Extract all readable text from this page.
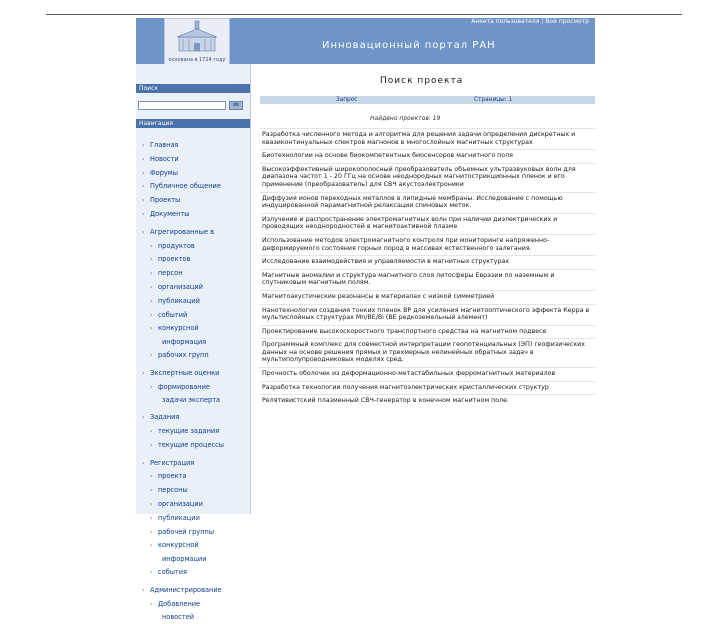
основана в 1724 году
Анкета пользователя | Вой просмотр
Инновационный портал РАН
Поиск
ok
Навигация
› Главная
› Новости
› Форумы
› Публичное общение
› Проекты
› Документы
› Агрегированные в
› продуктов
› проектов
› персон
› организаций
› публикаций
› событий
› конкурсной
информация
› рабочих групп
› Экспертные оценки
› формирование
задачи эксперта
› Задания
› текущие задания
› текущие процессы
› Регистрация
› проекта
› персоны
› организации
› публикации
› рабочей группы
› конкурсной
информации
› события
› Администрирование
› Добавление
новостей
Поиск проекта
Запрос	Страницы: 1
Найдено проектов: 19
Разработка численного метода и алгоритма для решения задачи определения дискретных и квазиконтинуальных спектров магнонов в многослойных магнитных структурах
Биотехнологии на основе биокомпетентных биосенсоров магнитного поля
Высокоэффективный широкополосный преобразователь объемных ультразвуковых волн для диапазона частот 1 - 20 ГГц на основе неоднородных магнитострикционных пленок и его применение (преобразователь) для СВЧ акустоэлектроники
Диффузия ионов переходных металлов в липидные мембраны. Исследование с помощью индуцированной парамагнитной релаксации спиновых меток.
Излучение и распространение электромагнитных волн при наличии диэлектрических и проводящих неоднородностей в магнитоактивной плазме
Использование методов электромагнитного контроля при мониторинге напряженно-деформируемого состояния горных пород в массивах естественного залегания.
Исследование взаимодействия и управляемости в магнитных структурах
Магнитные аномалии и структура магнитного слоя литосферы Евразии по наземным и спутниковым магнитным полям.
Магнитоакустические резонансы в материалах с низкой симметрией
Нанотехнологии создания тонких пленок ВР для усиления магнитооптического эффекта Керра в мультислойных структурах Mn/BE/Bi (BE редкоземельный элемент)
Проектирование высокоскоростного транспортного средства на магнитном подвесе
Программный комплекс для совместной интерпретации геопотенциальных (ЭП) геофизических данных на основе решения прямых и трехмерных нелинейных обратных задач в мультиполупроводниковых моделях сред.
Прочность оболочек из деформационно-метастабильных ферромагнитных материалов
Разработка технологии получения магнитоэлектрических кристаллических структур
Релятивистский плазменный СВЧ-генератор в конечном магнитном поле.
